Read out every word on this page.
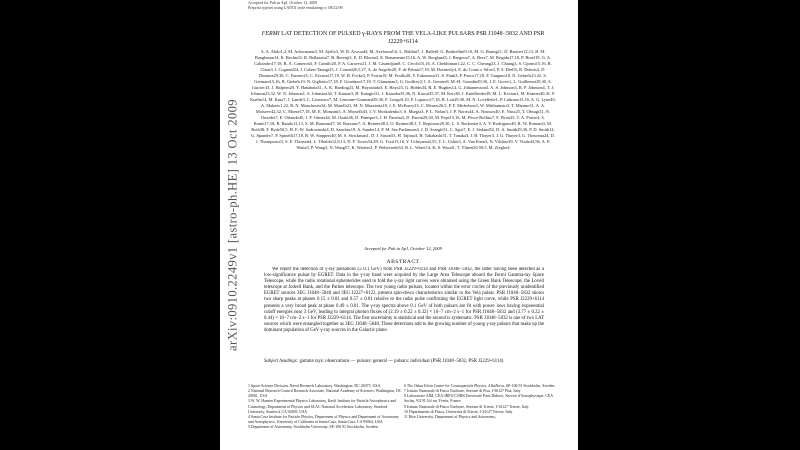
Accepted for Pub in ApJ, October 12, 2009
Preprint typeset using LATEX style emulateapj v. 08/22/09
arXiv:0910.2249v1 [astro-ph.HE] 13 Oct 2009
FERMI LAT DETECTION OF PULSED γ-RAYS FROM THE VELA-LIKE PULSARS PSR J1048−5832 AND PSR J2229+6114
A. A. Abdo1,2, M. Ackermann3, M. Ajello3, W. B. Atwood4, M. Axelsson5,6, L. Baldini7, J. Ballet8, G. Barbiellini9,10, M. G. Baring11, D. Bastieri12,13, B. M. Baughman14, K. Bechtol3, R. Bellazzini7, B. Berenji3, E. D. Bloom3, E. Bonamente15,16, A. W. Borgland3, J. Bregeon7, A. Brez7, M. Brigida17,18, P. Bruel19, G. A. Caliandro17,18, R. A. Cameron3, F. Camilo20, P. A. Caraveo21, J. M. Casandjian8, C. Cecchi15,16, A. Chekhtman1,22, C. C. Cheung23, J. Chiang3, S. Ciprini15,16, R. Claus3, I. Cognard24, J. Cohen-Tanugi25, J. Conrad26,5,27, A. de Angelis28, F. de Palma17,18, M. Dormody4, E. do Couto e Silva3, P. S. Drell3, R. Dubois3, D. Dumora29,30, C. Farnier25, C. Favuzzi17,18, W. B. Focke3, P. Fortin19, M. Frailis28, Y. Fukazawa31, S. Funk3, P. Fusco17,18, F. Gargano18, N. Gehrels23,32, S. Germani15,16, B. Giebels19, N. Giglietto17,18, F. Giordano17,18, T. Glanzman3, G. Godfrey3, I. A. Grenier8, M.-H. Grondin29,30, J. E. Grove1, L. Guillemot29,30, S. Guiriec33, J. Halpern20, Y. Hanabata31, A. K. Harding23, M. Hayashida3, E. Hays23, G. Hobbs34, R. E. Hughes14, G. Jóhannesson3, A. S. Johnson3, R. P. Johnson4, T. J. Johnson23,32, W. N. Johnson1, S. Johnston34, T. Kamae3, H. Katagiri31, J. Kataoka35,36, N. Kawai35,37, M. Kerr38, J. Knödlseder39, M. L. Kocian3, M. Kramer40,41, F. Kuehn14, M. Kuss7, J. Lande3, L. Latronico7, M. Lemoine-Goumard29,30, F. Longo9,10, F. Loparco17,18, B. Lott29,30, M. N. Lovellette1, P. Lubrano15,16, A. G. Lyne40, A. Makeev1,22, R. N. Manchester34, M. Marelli21, M. N. Mazziotta18, J. E. McEnery23, C. Meurer26,5, P. F. Michelson3, W. Mitthumsiri3, T. Mizuno31, A. A. Moiseev42,32, C. Monte17,18, M. E. Monzani3, A. Morselli43, I. V. Moskalenko3, S. Murgia3, P. L. Nolan3, J. P. Norris44, A. Noutsos40, E. Nuss25, T. Ohsugi31, N. Omodei7, E. Orlando45, J. F. Ormes44, M. Ozaki46, D. Paneque3, J. H. Panetta3, D. Parent29,30, M. Pepe15,16, M. Pesce-Rollins7, F. Piron25, T. A. Porter4, S. Rainò17,18, R. Rando12,13, S. M. Ransom47, M. Razzano7, A. Reimer48,3, O. Reimer48,3, T. Reposeur29,30, L. S. Rochester3, A. Y. Rodriguez49, R. W. Romani3, M. Roth38, F. Ryde50,5, H. F.-W. Sadrozinski4, D. Sanchez19, A. Sander14, P. M. Saz Parkinson4, J. D. Scargle51, C. Sgrò7, E. J. Siskind52, D. A. Smith29,30, P. D. Smith14, G. Spandre7, P. Spinelli17,18, B. W. Stappers40, M. S. Strickman1, D. J. Suson53, H. Tajima3, H. Takahashi31, T. Tanaka3, J. B. Thayer3, J. G. Thayer3, G. Theureau24, D. J. Thompson23, S. E. Thorsett4, L. Tibaldo12,8,13, D. F. Torres54,49, G. Tosti15,16, Y. Uchiyama3,55, T. L. Usher3, A. Van Etten3, N. Vilchez39, V. Vitale43,56, A. P. Waite3, P. Wang3, N. Wang57, K. Watters3, P. Weltevrede34, B. L. Winer14, K. S. Wood1, T. Ylinen50,58,5, M. Ziegler4
Accepted for Pub in ApJ, October 12, 2009
ABSTRACT
We report the detection of γ-ray pulsations (≥ 0.1 GeV) from PSR J2229+6114 and PSR J1048−5832, the latter having been detected as a low-significance pulsar by EGRET. Data in the γ-ray band were acquired by the Large Area Telescope aboard the Fermi Gamma-ray Space Telescope, while the radio rotational ephemerides used to fold the γ-ray light curves were obtained using the Green Bank Telescope, the Lovell telescope at Jodrell Bank, and the Parkes telescope. The two young radio pulsars, located within the error circles of the previously unidentified EGRET sources 3EG J1048−5840 and 3EG J2227+6122, present spin-down characteristics similar to the Vela pulsar. PSR J1048−5832 shows two sharp peaks at phases 0.15 ± 0.01 and 0.57 ± 0.01 relative to the radio pulse confirming the EGRET light curve, while PSR J2229+6114 presents a very broad peak at phase 0.49 ± 0.01. The γ-ray spectra above 0.1 GeV of both pulsars are fit with power laws having exponential cutoff energies near 3 GeV, leading to integral photon fluxes of (2.19 ± 0.22 ± 0.32) × 10−7 cm−2 s−1 for PSR J1048−5832 and (3.77 ± 0.22 ± 0.44) × 10−7 cm−2 s−1 for PSR J2229+6114. The first uncertainty is statistical and the second is systematic. PSR J1048−5832 is one of two LAT sources which were entangled together as 3EG J1048−5840. These detections add to the growing number of young γ-ray pulsars that make up the dominant population of GeV γ-ray sources in the Galactic plane.
Subject headings: gamma rays: observations — pulsars: general — pulsars: individual (PSR J1048−5832, PSR J2229+6114)
1 Space Science Division, Naval Research Laboratory, Washington, DC 20375, USA
2 National Research Council Research Associate, National Academy of Sciences, Washington, DC 20001, USA
3 W. W. Hansen Experimental Physics Laboratory, Kavli Institute for Particle Astrophysics and Cosmology, Department of Physics and SLAC National Accelerator Laboratory, Stanford University, Stanford, CA 94305, USA
4 Santa Cruz Institute for Particle Physics, Department of Physics and Department of Astronomy and Astrophysics, University of California at Santa Cruz, Santa Cruz, CA 95064, USA
5 Department of Astronomy, Stockholm University, SE-106 91 Stockholm, Sweden
6 The Oskar Klein Centre for Cosmoparticle Physics, AlbaNova, SE-106 91 Stockholm, Sweden
7 Istituto Nazionale di Fisica Nucleare, Sezione di Pisa, I-56127 Pisa, Italy
8 Laboratoire AIM, CEA-IRFU/CNRS/Université Paris Diderot, Service d'Astrophysique, CEA Saclay, 91191 Gif sur Yvette, France
9 Istituto Nazionale di Fisica Nucleare, Sezione di Trieste, I-34127 Trieste, Italy
10 Dipartimento di Fisica, Università di Trieste, I-34127 Trieste, Italy
11 Rice University, Department of Physics and Astronomy,
